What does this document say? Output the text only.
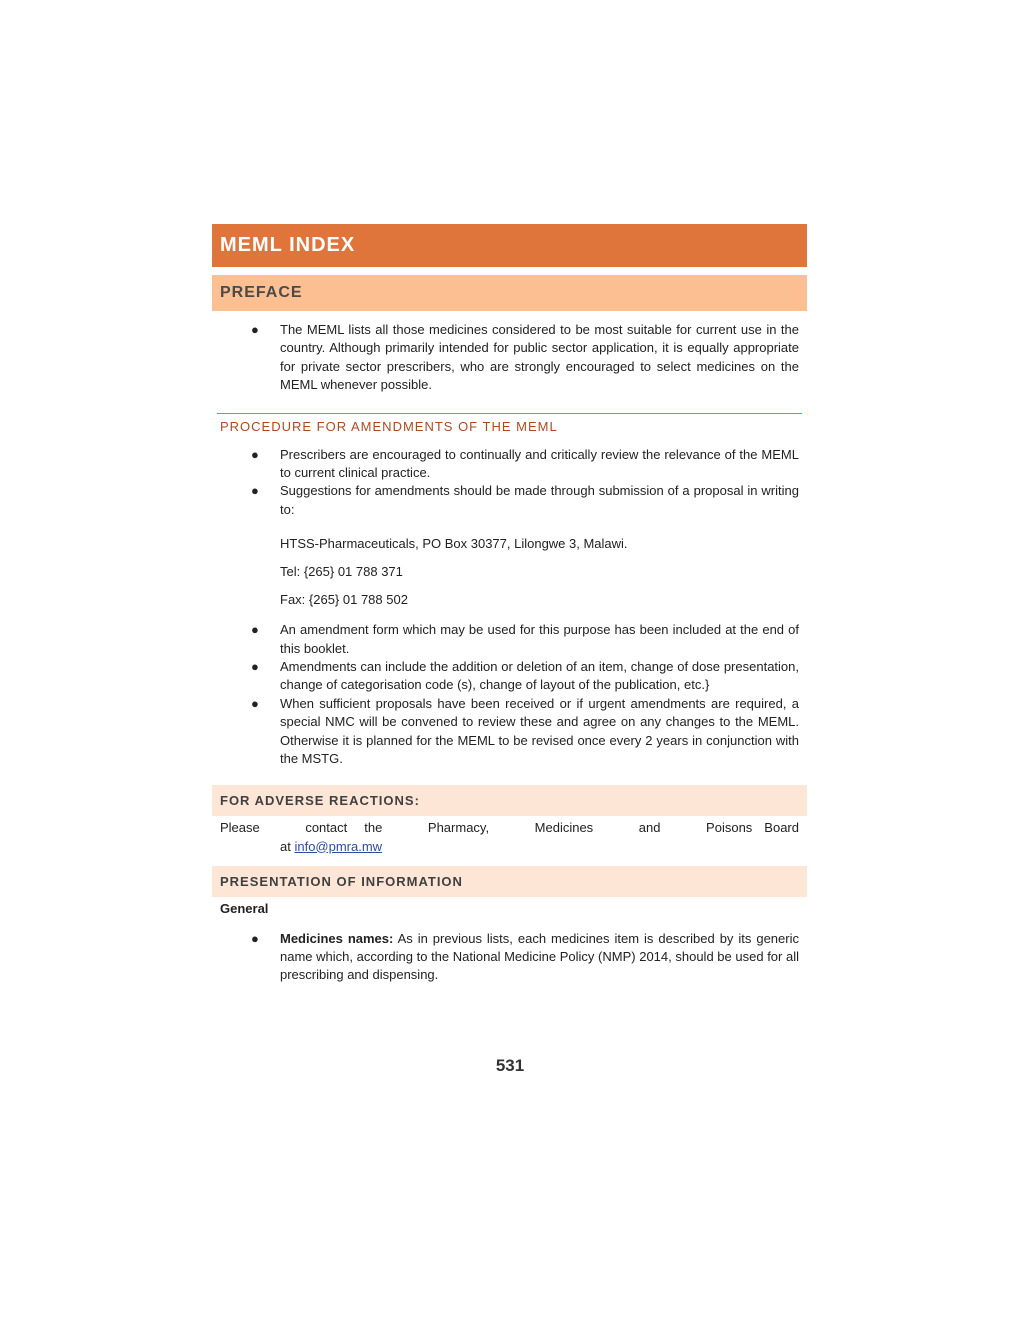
MEML INDEX
PREFACE
● The MEML lists all those medicines considered to be most suitable for current use in the country. Although primarily intended for public sector application, it is equally appropriate for private sector prescribers, who are strongly encouraged to select medicines on the MEML whenever possible.
PROCEDURE FOR AMENDMENTS OF THE MEML
● Prescribers are encouraged to continually and critically review the relevance of the MEML to current clinical practice.
● Suggestions for amendments should be made through submission of a proposal in writing to:
HTSS-Pharmaceuticals, PO Box 30377, Lilongwe 3, Malawi.
Tel: {265} 01 788 371
Fax: {265} 01 788 502
● An amendment form which may be used for this purpose has been included at the end of this booklet.
● Amendments can include the addition or deletion of an item, change of dose presentation, change of categorisation code (s), change of layout of the publication, etc.}
● When sufficient proposals have been received or if urgent amendments are required, a special NMC will be convened to review these and agree on any changes to the MEML. Otherwise it is planned for the MEML to be revised once every 2 years in conjunction with the MSTG.
FOR ADVERSE REACTIONS:
Please	contact the	Pharmacy,	Medicines	and	Poisons Board
at info@pmra.mw
PRESENTATION OF INFORMATION
General
● Medicines names: As in previous lists, each medicines item is described by its generic name which, according to the National Medicine Policy (NMP) 2014, should be used for all prescribing and dispensing.
531
